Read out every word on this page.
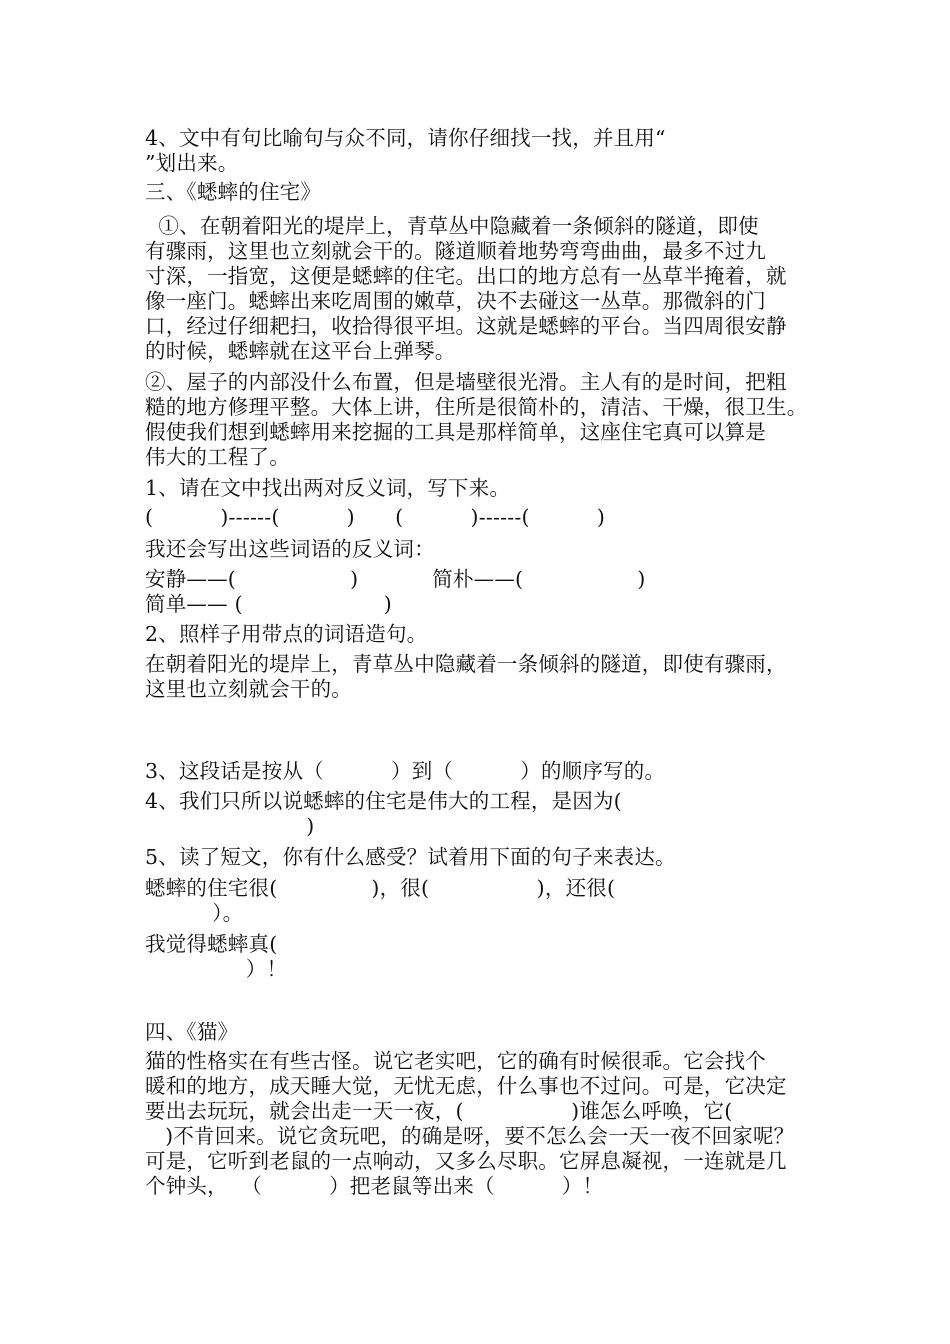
4、文中有句比喻句与众不同，请你仔细找一找，并且用“
”划出来。
三、《蟋蟀的住宅》
①、在朝着阳光的堤岸上，青草丛中隐藏着一条倾斜的隧道，即使
有骤雨，这里也立刻就会干的。隧道顺着地势弯弯曲曲，最多不过九
寸深，一指宽，这便是蟋蟀的住宅。出口的地方总有一丛草半掩着，就
像一座门。蟋蟀出来吃周围的嫩草，决不去碰这一丛草。那微斜的门
口，经过仔细耙扫，收拾得很平坦。这就是蟋蟀的平台。当四周很安静
的时候，蟋蟀就在这平台上弹琴。
②、屋子的内部没什么布置，但是墙壁很光滑。主人有的是时间，把粗
糙的地方修理平整。大体上讲，住所是很简朴的，清洁、干燥，很卫生。
假使我们想到蟋蟀用来挖掘的工具是那样简单，这座住宅真可以算是
伟大的工程了。
1、请在文中找出两对反义词，写下来。
(          )------(          )      (          )------(          )
我还会写出这些词语的反义词：
安静——(                 )           简朴——(                 )
简单—— (                     )
2、照样子用带点的词语造句。
在朝着阳光的堤岸上，青草丛中隐藏着一条倾斜的隧道，即使有骤雨，
这里也立刻就会干的。
3、这段话是按从（          ）到（          ）的顺序写的。
4、我们只所以说蟋蟀的住宅是伟大的工程，是因为(
)
5、读了短文，你有什么感受？试着用下面的句子来表达。
蟋蟀的住宅很(              )，很(                )，还很(
）。
我觉得蟋蟀真(
）！
四、《猫》
猫的性格实在有些古怪。说它老实吧，它的确有时候很乖。它会找个
暖和的地方，成天睡大觉，无忧无虑，什么事也不过问。可是，它决定
要出去玩玩，就会出走一天一夜，(                )谁怎么呼唤，它(
)不肯回来。说它贪玩吧，的确是呀，要不怎么会一天一夜不回家呢？
可是，它听到老鼠的一点响动，又多么尽职。它屏息凝视，一连就是几
个钟头，  （          ）把老鼠等出来（          ）！
